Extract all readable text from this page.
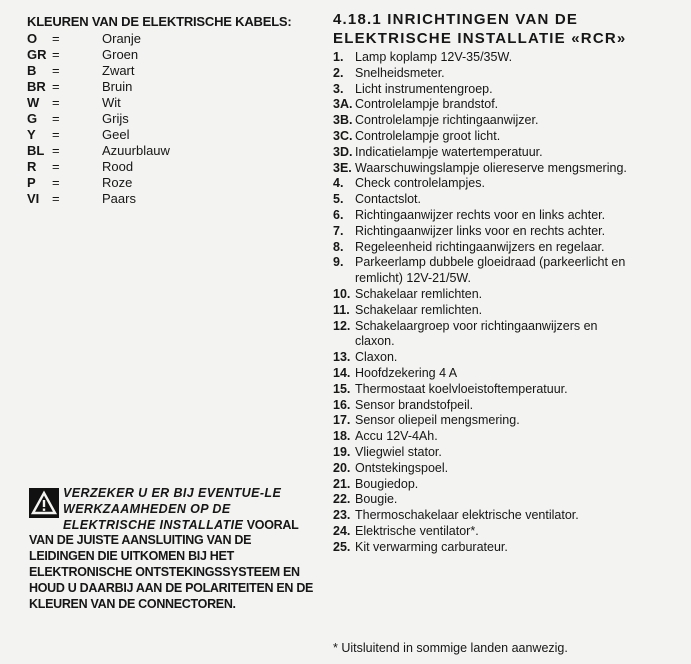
KLEUREN VAN DE ELEKTRISCHE KABELS:
O	=	Oranje
GR =	Groen
B	=	Zwart
BR =	Bruin
W =	Wit
G	=	Grijs
Y	=	Geel
BL =	Azuurblauw
R	=	Rood
P	=	Roze
VI =	Paars
VERZEKER U ER BIJ EVENTUE-LE WERKZAAMHEDEN OP DE ELEKTRISCHE INSTALLATIE VOORAL VAN DE JUISTE AANSLUITING VAN DE LEIDINGEN DIE UITKOMEN BIJ HET ELEKTRONISCHE ONTSTEKINGSSYSTEEM EN HOUD U DAARBIJ AAN DE POLARITEITEN EN DE KLEUREN VAN DE CONNECTOREN.
4.18.1 INRICHTINGEN VAN DE
ELEKTRISCHE INSTALLATIE «RCR»
1. Lamp koplamp 12V-35/35W.
2. Snelheidsmeter.
3. Licht instrumentengroep.
3A. Controlelampje brandstof.
3B. Controlelampje richtingaanwijzer.
3C. Controlelampje groot licht.
3D. Indicatielampje watertemperatuur.
3E. Waarschuwingslampje oliereserve mengsmering.
4. Check controlelampjes.
5. Contactslot.
6. Richtingaanwijzer rechts voor en links achter.
7. Richtingaanwijzer links voor en rechts achter.
8. Regeleenheid richtingaanwijzers en regelaar.
9. Parkeerlamp dubbele gloeidraad (parkeerlicht en remlicht) 12V-21/5W.
10. Schakelaar remlichten.
11. Schakelaar remlichten.
12. Schakelaargroep voor richtingaanwijzers en claxon.
13. Claxon.
14. Hoofdzekering 4 A
15. Thermostaat koelvloeistoftemperatuur.
16. Sensor brandstofpeil.
17. Sensor oliepeil mengsmering.
18. Accu 12V-4Ah.
19. Vliegwiel stator.
20. Ontstekingspoel.
21. Bougiedop.
22. Bougie.
23. Thermoschakelaar elektrische ventilator.
24. Elektrische ventilator*.
25. Kit verwarming carburateur.
* Uitsluitend in sommige landen aanwezig.
